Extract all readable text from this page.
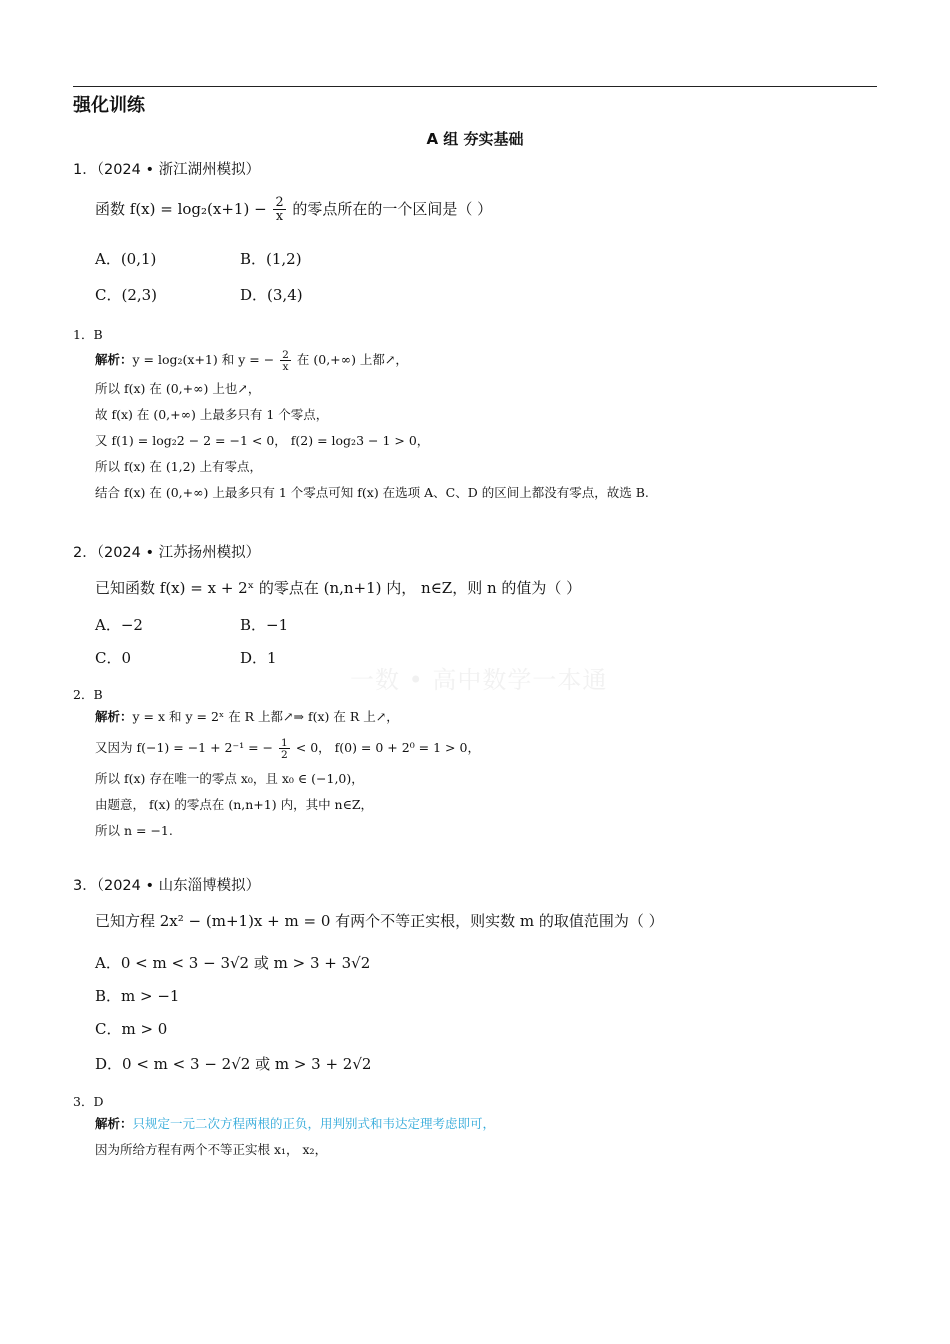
强化训练
A 组 夯实基础
一数 • 高中数学一本通
1．（2024 • 浙江湖州模拟）
函数 $f(x) = \log_2(x+1) - \frac{2}{x}$ 的零点所在的一个区间是（ ）
A．(0,1)	B．(1,2)
C．(2,3)	D．(3,4)
1．B
解析：y = log₂(x+1) 和 y = − $\frac{2}{x}$ 在 (0,+∞) 上都↗，
所以 f(x) 在 (0,+∞) 上也↗，
故 f(x) 在 (0,+∞) 上最多只有 1 个零点，
又 f(1) = log₂2 − 2 = −1 < 0， f(2) = log₂3 − 1 > 0，
所以 f(x) 在 (1,2) 上有零点，
结合 f(x) 在 (0,+∞) 上最多只有 1 个零点可知 f(x) 在选项 A、C、D 的区间上都没有零点，故选 B.
2．（2024 • 江苏扬州模拟）
已知函数 f(x) = x + 2ˣ 的零点在 (n,n+1) 内， n∈Z，则 n 的值为（ ）
A．−2	B．−1
C．0	D．1
2．B
解析：y = x 和 y = 2ˣ 在 R 上都↗⇒ f(x) 在 R 上↗，
又因为 f(−1) = −1 + 2⁻¹ = − $\frac{1}{2} < 0$， f(0) = 0 + 2⁰ = 1 > 0，
所以 f(x) 存在唯一的零点 x₀，且 x₀ ∈ (−1,0)，
由题意， f(x) 的零点在 (n,n+1) 内，其中 n∈Z，
所以 n = −1.
3．（2024 • 山东淄博模拟）
已知方程 2x² − (m+1)x + m = 0 有两个不等正实根，则实数 m 的取值范围为（ ）
A．0 < m < 3 − 3√2 或 m > 3 + 3√2
B．m > −1
C．m > 0
D．0 < m < 3 − 2√2 或 m > 3 + 2√2
3．D
解析：只规定一元二次方程两根的正负，用判别式和韦达定理考虑即可，
因为所给方程有两个不等正实根 x₁， x₂，
